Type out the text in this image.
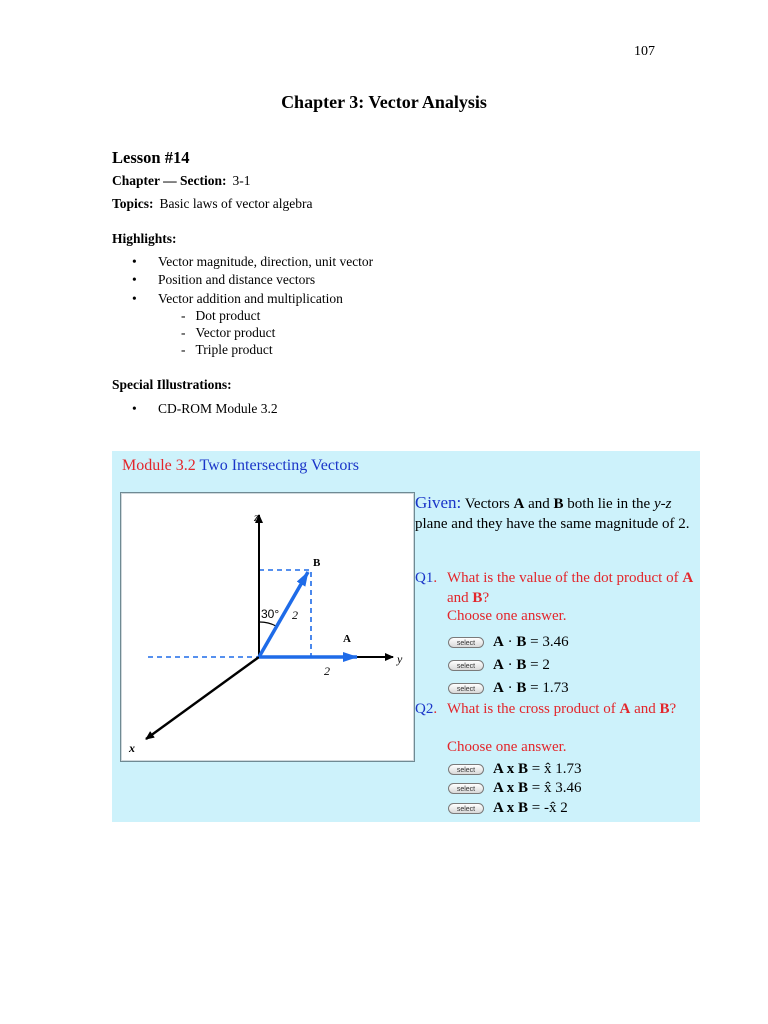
107
Chapter 3: Vector Analysis
Lesson #14
Chapter — Section: 3-1
Topics: Basic laws of vector algebra
Highlights:
Vector magnitude, direction, unit vector
Position and distance vectors
Vector addition and multiplication
- Dot product
- Vector product
- Triple product
Special Illustrations:
CD-ROM Module 3.2
Module 3.2 Two Intersecting Vectors
z
y
x
B
A
30° 2
2
Given: Vectors A and B both lie in the y-z plane and they have the same magnitude of 2.
Q1. What is the value of the dot product of A and B?
Choose one answer.
select	A · B = 3.46
select	A · B = 2
select	A · B = 1.73
Q2. What is the cross product of A and B?
Choose one answer.
select	A x B = x̂ 1.73
select	A x B = x̂ 3.46
select	A x B = -x̂ 2
